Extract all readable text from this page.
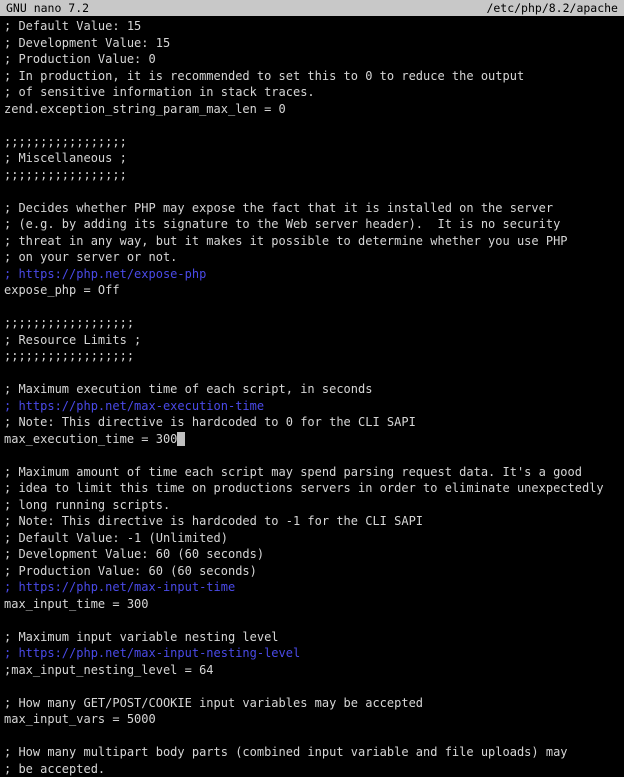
GNU nano 7.2	/etc/php/8.2/apache
; Default Value: 15
; Development Value: 15
; Production Value: 0
; In production, it is recommended to set this to 0 to reduce the output
; of sensitive information in stack traces.
zend.exception_string_param_max_len = 0

;;;;;;;;;;;;;;;;;
; Miscellaneous ;
;;;;;;;;;;;;;;;;;

; Decides whether PHP may expose the fact that it is installed on the server
; (e.g. by adding its signature to the Web server header).  It is no security
; threat in any way, but it makes it possible to determine whether you use PHP
; on your server or not.
; https://php.net/expose-php
expose_php = Off

;;;;;;;;;;;;;;;;;;
; Resource Limits ;
;;;;;;;;;;;;;;;;;;

; Maximum execution time of each script, in seconds
; https://php.net/max-execution-time
; Note: This directive is hardcoded to 0 for the CLI SAPI
max_execution_time = 300

; Maximum amount of time each script may spend parsing request data. It's a good
; idea to limit this time on productions servers in order to eliminate unexpectedly
; long running scripts.
; Note: This directive is hardcoded to -1 for the CLI SAPI
; Default Value: -1 (Unlimited)
; Development Value: 60 (60 seconds)
; Production Value: 60 (60 seconds)
; https://php.net/max-input-time
max_input_time = 300

; Maximum input variable nesting level
; https://php.net/max-input-nesting-level
;max_input_nesting_level = 64

; How many GET/POST/COOKIE input variables may be accepted
max_input_vars = 5000

; How many multipart body parts (combined input variable and file uploads) may
; be accepted.
